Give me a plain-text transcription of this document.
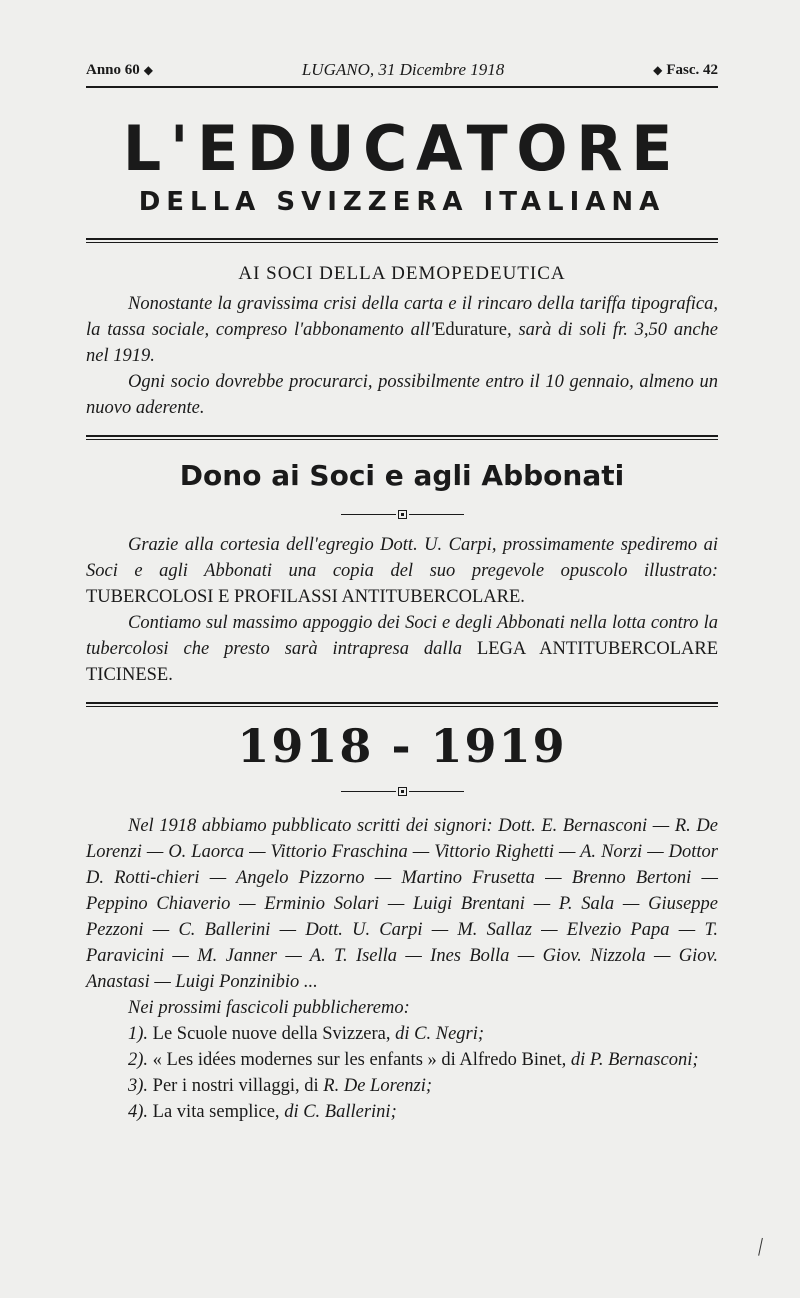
Anno 60 ◆	LUGANO, 31 Dicembre 1918	◆ Fasc. 42
L'EDUCATORE
DELLA SVIZZERA ITALIANA
AI SOCI DELLA DEMOPEDEUTICA
Nonostante la gravissima crisi della carta e il rincaro della tariffa tipografica, la tassa sociale, compreso l'abbonamento all'Edurature, sarà di soli fr. 3,50 anche nel 1919.
Ogni socio dovrebbe procurarci, possibilmente entro il 10 gennaio, almeno un nuovo aderente.
Dono ai Soci e agli Abbonati
Grazie alla cortesia dell'egregio Dott. U. Carpi, prossimamente spediremo ai Soci e agli Abbonati una copia del suo pregevole opuscolo illustrato: TUBERCOLOSI E PROFILASSI ANTITUBERCOLARE.
Contiamo sul massimo appoggio dei Soci e degli Abbonati nella lotta contro la tubercolosi che presto sarà intrapresa dalla LEGA ANTITUBERCOLARE TICINESE.
1918 - 1919
Nel 1918 abbiamo pubblicato scritti dei signori: Dott. E. Bernasconi — R. De Lorenzi — O. Laorca — Vittorio Fraschina — Vittorio Righetti — A. Norzi — Dottor D. Rotti-chieri — Angelo Pizzorno — Martino Frusetta — Brenno Bertoni — Peppino Chiaverio — Erminio Solari — Luigi Brentani — P. Sala — Giuseppe Pezzoni — C. Ballerini — Dott. U. Carpi — M. Sallaz — Elvezio Papa — T. Paravicini — M. Janner — A. T. Isella — Ines Bolla — Giov. Nizzola — Giov. Anastasi — Luigi Ponzinibio ...
Nei prossimi fascicoli pubblicheremo:
1). Le Scuole nuove della Svizzera, di C. Negri;
2). « Les idées modernes sur les enfants » di Alfredo Binet, di P. Bernasconi;
3). Per i nostri villaggi, di R. De Lorenzi;
4). La vita semplice, di C. Ballerini;
